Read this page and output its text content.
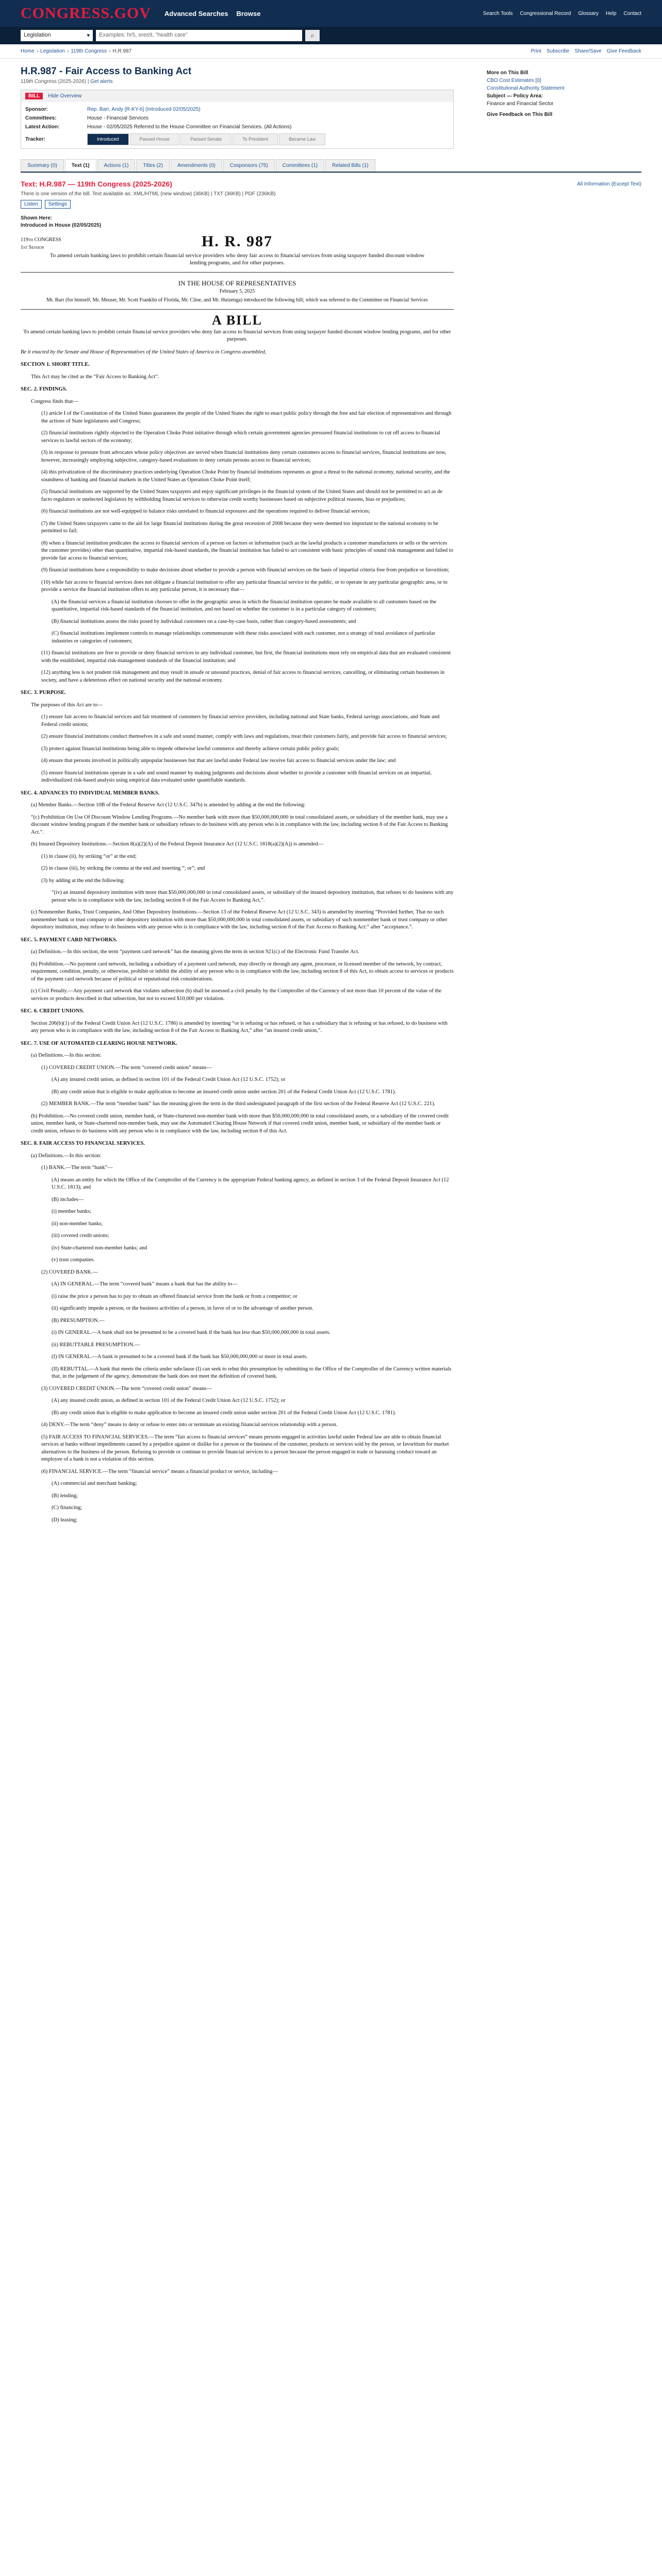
CONGRESS.GOV Advanced Searches Browse	Search Tools Congressional Record Glossary Help Contact
Legislation	▾	Examples: hr5, sres9, "health care"	⌕
Home › Legislation › 119th Congress › H.R.987	Print Subscribe Share/Save Give Feedback
H.R.987 - Fair Access to Banking Act
119th Congress (2025-2026) | Get alerts
BILL	Hide Overview
Sponsor:	Rep. Barr, Andy [R-KY-6] (Introduced 02/05/2025)
Committees:	House - Financial Services
Latest Action:	House - 02/05/2025 Referred to the House Committee on Financial Services. (All Actions)
Tracker:	Introduced	Passed House	Passed Senate	To President	Became Law
More on This Bill
CBO Cost Estimates [0]
Constitutional Authority Statement
Subject — Policy Area:
Finance and Financial Sector
Give Feedback on This Bill
Summary (0)	Text (1)	Actions (1)	Titles (2)	Amendments (0)	Cosponsors (75)	Committees (1)	Related Bills (1)
Text: H.R.987 — 119th Congress (2025-2026)	All Information (Except Text)
There is one version of the bill. Text available as: XML/HTML (new window) (36KB) | TXT (36KB) | PDF (236KB)
Listen	Settings
Shown Here:
Introduced in House (02/05/2025)
119th CONGRESS
1st Session	H. R. 987
To amend certain banking laws to prohibit certain financial service providers who deny fair access to financial services from using taxpayer funded discount window lending programs, and for other purposes.
IN THE HOUSE OF REPRESENTATIVES
February 5, 2025
Mr. Barr (for himself, Mr. Meuser, Mr. Scott Franklin of Florida, Mr. Cline, and Mr. Huizenga) introduced the following bill; which was referred to the Committee on Financial Services
A BILL
To amend certain banking laws to prohibit certain financial service providers who deny fair access to financial services from using taxpayer funded discount window lending programs, and for other purposes.
Be it enacted by the Senate and House of Representatives of the United States of America in Congress assembled,
SECTION 1. SHORT TITLE.
This Act may be cited as the “Fair Access to Banking Act”.
SEC. 2. FINDINGS.
Congress finds that—
(1) article I of the Constitution of the United States guarantees the people of the United States the right to enact public policy through the free and fair election of representatives and through the actions of State legislatures and Congress;
(2) financial institutions rightly objected to the Operation Choke Point initiative through which certain government agencies pressured financial institutions to cut off access to financial services to lawful sectors of the economy;
(3) in response to pressure from advocates whose policy objectives are served when financial institutions deny certain customers access to financial services, financial institutions are now, however, increasingly employing subjective, category-based evaluations to deny certain persons access to financial services;
(4) this privatization of the discriminatory practices underlying Operation Choke Point by financial institutions represents as great a threat to the national economy, national security, and the soundness of banking and financial markets in the United States as Operation Choke Point itself;
(5) financial institutions are supported by the United States taxpayers and enjoy significant privileges in the financial system of the United States and should not be permitted to act as de facto regulators or unelected legislators by withholding financial services to otherwise credit worthy businesses based on subjective political reasons, bias or prejudices;
(6) financial institutions are not well-equipped to balance risks unrelated to financial exposures and the operations required to deliver financial services;
(7) the United States taxpayers came to the aid for large financial institutions during the great recession of 2008 because they were deemed too important to the national economy to be permitted to fail;
(8) when a financial institution predicates the access to financial services of a person on factors or information (such as the lawful products a customer manufactures or sells or the services the customer provides) other than quantitative, impartial risk-based standards, the financial institution has failed to act consistent with basic principles of sound risk management and failed to provide fair access to financial services;
(9) financial institutions have a responsibility to make decisions about whether to provide a person with financial services on the basis of impartial criteria free from prejudice or favoritism;
(10) while fair access to financial services does not obligate a financial institution to offer any particular financial service to the public, or to operate in any particular geographic area, or to provide a service the financial institution offers to any particular person, it is necessary that—
(A) the financial services a financial institution chooses to offer in the geographic areas in which the financial institution operates be made available to all customers based on the quantitative, impartial risk-based standards of the financial institution, and not based on whether the customer is in a particular category of customers;
(B) financial institutions assess the risks posed by individual customers on a case-by-case basis, rather than category-based assessments; and
(C) financial institutions implement controls to manage relationships commensurate with these risks associated with each customer, not a strategy of total avoidance of particular industries or categories of customers;
(11) financial institutions are free to provide or deny financial services to any individual customer, but first, the financial institutions must rely on empirical data that are evaluated consistent with the established, impartial risk-management standards of the financial institution; and
(12) anything less is not prudent risk management and may result in unsafe or unsound practices, denial of fair access to financial services, cancelling, or eliminating certain businesses in society, and have a deleterious effect on national security and the national economy.
SEC. 3. PURPOSE.
The purposes of this Act are to—
(1) ensure fair access to financial services and fair treatment of customers by financial service providers, including national and State banks, Federal savings associations, and State and Federal credit unions;
(2) ensure financial institutions conduct themselves in a safe and sound manner, comply with laws and regulations, treat their customers fairly, and provide fair access to financial services;
(3) protect against financial institutions being able to impede otherwise lawful commerce and thereby achieve certain public policy goals;
(4) ensure that persons involved in politically unpopular businesses but that are lawful under Federal law receive fair access to financial services under the law; and
(5) ensure financial institutions operate in a safe and sound manner by making judgments and decisions about whether to provide a customer with financial services on an impartial, individualized risk-based analysis using empirical data evaluated under quantifiable standards.
SEC. 4. ADVANCES TO INDIVIDUAL MEMBER BANKS.
(a) Member Banks.—Section 10B of the Federal Reserve Act (12 U.S.C. 347b) is amended by adding at the end the following:
“(c) Prohibition On Use Of Discount Window Lending Programs.—No member bank with more than $50,000,000,000 in total consolidated assets, or subsidiary of the member bank, may use a discount window lending program if the member bank or subsidiary refuses to do business with any person who is in compliance with the law, including section 8 of the Fair Access to Banking Act.”.
(b) Insured Depository Institutions.—Section 8(a)(2)(A) of the Federal Deposit Insurance Act (12 U.S.C. 1818(a)(2)(A)) is amended—
(1) in clause (ii), by striking “or” at the end;
(2) in clause (iii), by striking the comma at the end and inserting “; or”; and
(3) by adding at the end the following:
“(iv) an insured depository institution with more than $50,000,000,000 in total consolidated assets, or subsidiary of the insured depository institution, that refuses to do business with any person who is in compliance with the law, including section 8 of the Fair Access to Banking Act,”.
(c) Nonmember Banks, Trust Companies, And Other Depository Institutions.—Section 13 of the Federal Reserve Act (12 U.S.C. 343) is amended by inserting “Provided further, That no such nonmember bank or trust company or other depository institution with more than $50,000,000,000 in total consolidated assets, or subsidiary of such nonmember bank or trust company or other depository institution, may refuse to do business with any person who is in compliance with the law, including section 8 of the Fair Access to Banking Act:” after “acceptance.”.
SEC. 5. PAYMENT CARD NETWORKS.
(a) Definition.—In this section, the term “payment card network” has the meaning given the term in section 921(c) of the Electronic Fund Transfer Act.
(b) Prohibition.—No payment card network, including a subsidiary of a payment card network, may directly or through any agent, processor, or licensed member of the network, by contract, requirement, condition, penalty, or otherwise, prohibit or inhibit the ability of any person who is in compliance with the law, including section 8 of this Act, to obtain access to services or products of the payment card network because of political or reputational risk considerations.
(c) Civil Penalty.—Any payment card network that violates subsection (b) shall be assessed a civil penalty by the Comptroller of the Currency of not more than 10 percent of the value of the services or products described in that subsection, but not to exceed $10,000 per violation.
SEC. 6. CREDIT UNIONS.
Section 206(b)(1) of the Federal Credit Union Act (12 U.S.C. 1786) is amended by inserting “or is refusing or has refused, or has a subsidiary that is refusing or has refused, to do business with any person who is in compliance with the law, including section 8 of the Fair Access to Banking Act,” after “an insured credit union,”.
SEC. 7. USE OF AUTOMATED CLEARING HOUSE NETWORK.
(a) Definitions.—In this section:
(1) COVERED CREDIT UNION.—The term “covered credit union” means—
(A) any insured credit union, as defined in section 101 of the Federal Credit Union Act (12 U.S.C. 1752); or
(B) any credit union that is eligible to make application to become an insured credit union under section 201 of the Federal Credit Union Act (12 U.S.C. 1781).
(2) MEMBER BANK.—The term “member bank” has the meaning given the term in the third undesignated paragraph of the first section of the Federal Reserve Act (12 U.S.C. 221).
(b) Prohibition.—No covered credit union, member bank, or State-chartered non-member bank with more than $50,000,000,000 in total consolidated assets, or a subsidiary of the covered credit union, member bank, or State-chartered non-member bank, may use the Automated Clearing House Network if that covered credit union, member bank, or subsidiary of the member bank or credit union, refuses to do business with any person who is in compliance with the law, including section 8 of this Act.
SEC. 8. FAIR ACCESS TO FINANCIAL SERVICES.
(a) Definitions.—In this section:
(1) BANK.—The term “bank”—
(A) means an entity for which the Office of the Comptroller of the Currency is the appropriate Federal banking agency, as defined in section 3 of the Federal Deposit Insurance Act (12 U.S.C. 1813); and
(B) includes—
(i) member banks;
(ii) non-member banks;
(iii) covered credit unions;
(iv) State-chartered non-member banks; and
(v) trust companies.
(2) COVERED BANK.—
(A) IN GENERAL.—The term “covered bank” means a bank that has the ability to—
(i) raise the price a person has to pay to obtain an offered financial service from the bank or from a competitor; or
(ii) significantly impede a person, or the business activities of a person, in favor of or to the advantage of another person.
(B) PRESUMPTION.—
(i) IN GENERAL.—A bank shall not be presumed to be a covered bank if the bank has less than $50,000,000,000 in total assets.
(ii) REBUTTABLE PRESUMPTION.—
(I) IN GENERAL.—A bank is presumed to be a covered bank if the bank has $50,000,000,000 or more in total assets.
(II) REBUTTAL.—A bank that meets the criteria under subclause (I) can seek to rebut this presumption by submitting to the Office of the Comptroller of the Currency written materials that, in the judgement of the agency, demonstrate the bank does not meet the definition of covered bank.
(3) COVERED CREDIT UNION.—The term “covered credit union” means—
(A) any insured credit union, as defined in section 101 of the Federal Credit Union Act (12 U.S.C. 1752); or
(B) any credit union that is eligible to make application to become an insured credit union under section 201 of the Federal Credit Union Act (12 U.S.C. 1781).
(4) DENY.—The term “deny” means to deny or refuse to enter into or terminate an existing financial services relationship with a person.
(5) FAIR ACCESS TO FINANCIAL SERVICES.—The term “fair access to financial services” means persons engaged in activities lawful under Federal law are able to obtain financial services at banks without impediments caused by a prejudice against or dislike for a person or the business of the customer, products or services sold by the person, or favoritism for market alternatives to the business of the person. Refusing to provide or continue to provide financial services to a person because the person engaged in trade or harassing conduct toward an employee of a bank is not a violation of this section.
(6) FINANCIAL SERVICE.—The term “financial service” means a financial product or service, including—
(A) commercial and merchant banking;
(B) lending;
(C) financing;
(D) leasing;
